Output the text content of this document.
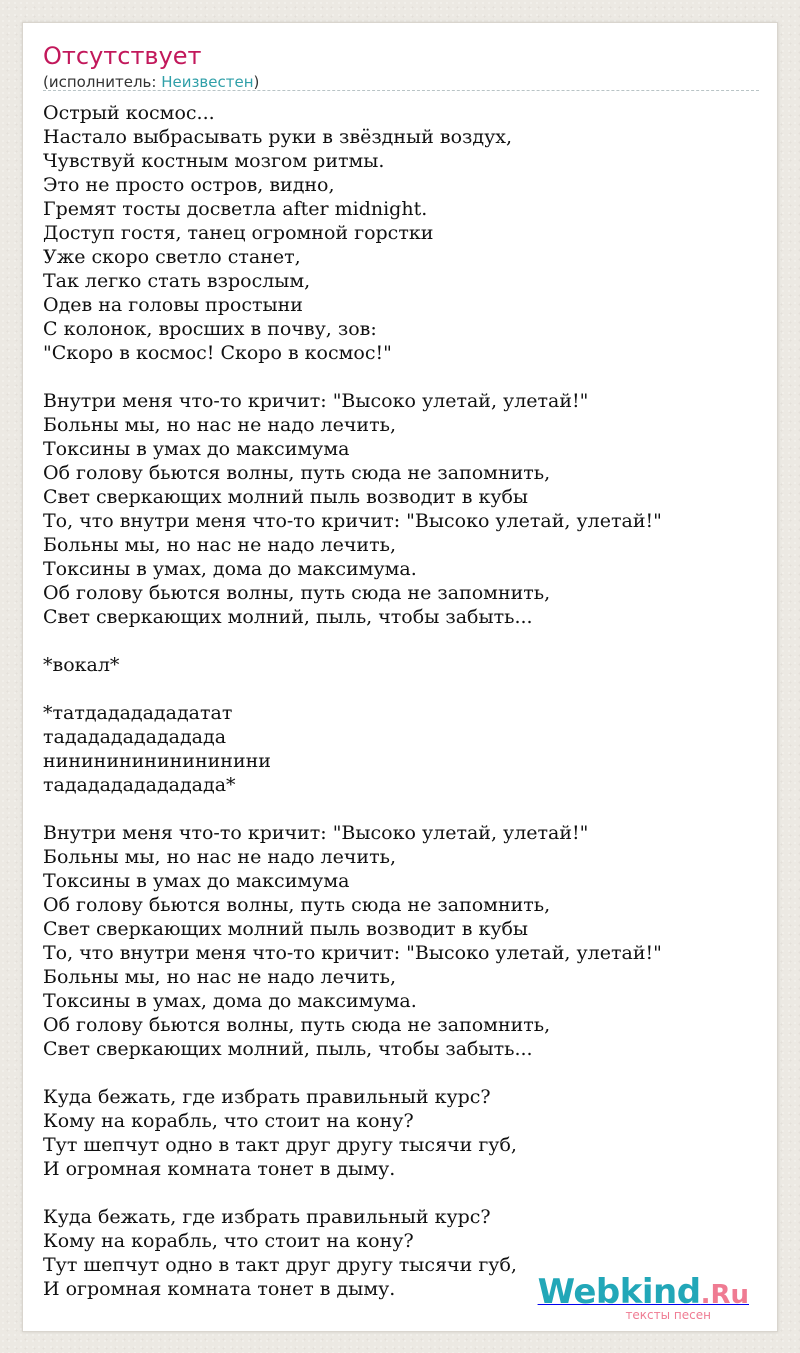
Отсутствует
(исполнитель: Неизвестен)
Острый космос...
Настало выбрасывать руки в звёздный воздух,
Чувствуй костным мозгом ритмы.
Это не просто остров, видно,
Гремят тосты досветла after midnight.
Доступ гостя, танец огромной горстки
Уже скоро светло станет,
Так легко стать взрослым,
Одев на головы простыни
С колонок, вросших в почву, зов:
"Скоро в космос! Скоро в космос!"

Внутри меня что-то кричит: "Высоко улетай, улетай!"
Больны мы, но нас не надо лечить,
Токсины в умах до максимума
Об голову бьются волны, путь сюда не запомнить,
Свет сверкающих молний пыль возводит в кубы
То, что внутри меня что-то кричит: "Высоко улетай, улетай!"
Больны мы, но нас не надо лечить,
Токсины в умах, дома до максимума.
Об голову бьются волны, путь сюда не запомнить,
Свет сверкающих молний, пыль, чтобы забыть...

*вокал*

*татдададададатат
тададададададада
нинининининининини
тададададададада*

Внутри меня что-то кричит: "Высоко улетай, улетай!"
Больны мы, но нас не надо лечить,
Токсины в умах до максимума
Об голову бьются волны, путь сюда не запомнить,
Свет сверкающих молний пыль возводит в кубы
То, что внутри меня что-то кричит: "Высоко улетай, улетай!"
Больны мы, но нас не надо лечить,
Токсины в умах, дома до максимума.
Об голову бьются волны, путь сюда не запомнить,
Свет сверкающих молний, пыль, чтобы забыть...

Куда бежать, где избрать правильный курс?
Кому на корабль, что стоит на кону?
Тут шепчут одно в такт друг другу тысячи губ,
И огромная комната тонет в дыму.

Куда бежать, где избрать правильный курс?
Кому на корабль, что стоит на кону?
Тут шепчут одно в такт друг другу тысячи губ,
И огромная комната тонет в дыму.	Webkind.Ru
тексты песен
